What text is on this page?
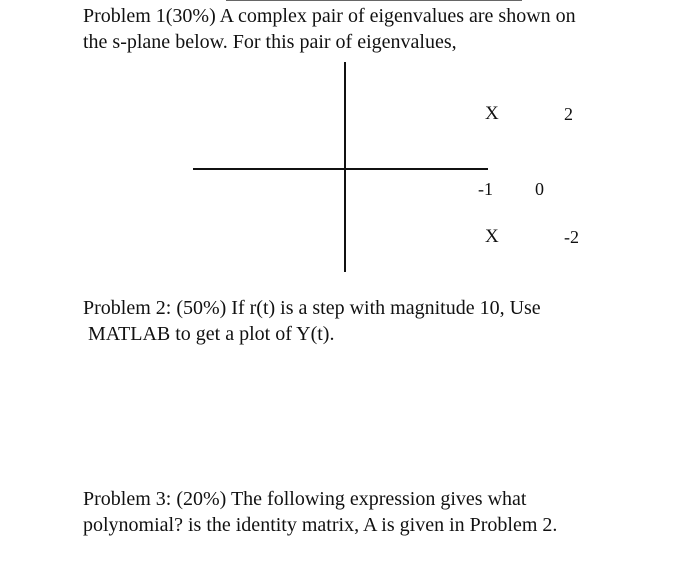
Problem 1(30%) A complex pair of eigenvalues are shown on
the s-plane below. For this pair of eigenvalues,
X	2
-1 0
X	-2
Problem 2: (50%) If r(t) is a step with magnitude 10, Use
MATLAB to get a plot of Y(t).
Problem 3: (20%) The following expression gives what
polynomial? is the identity matrix, A is given in Problem 2.
